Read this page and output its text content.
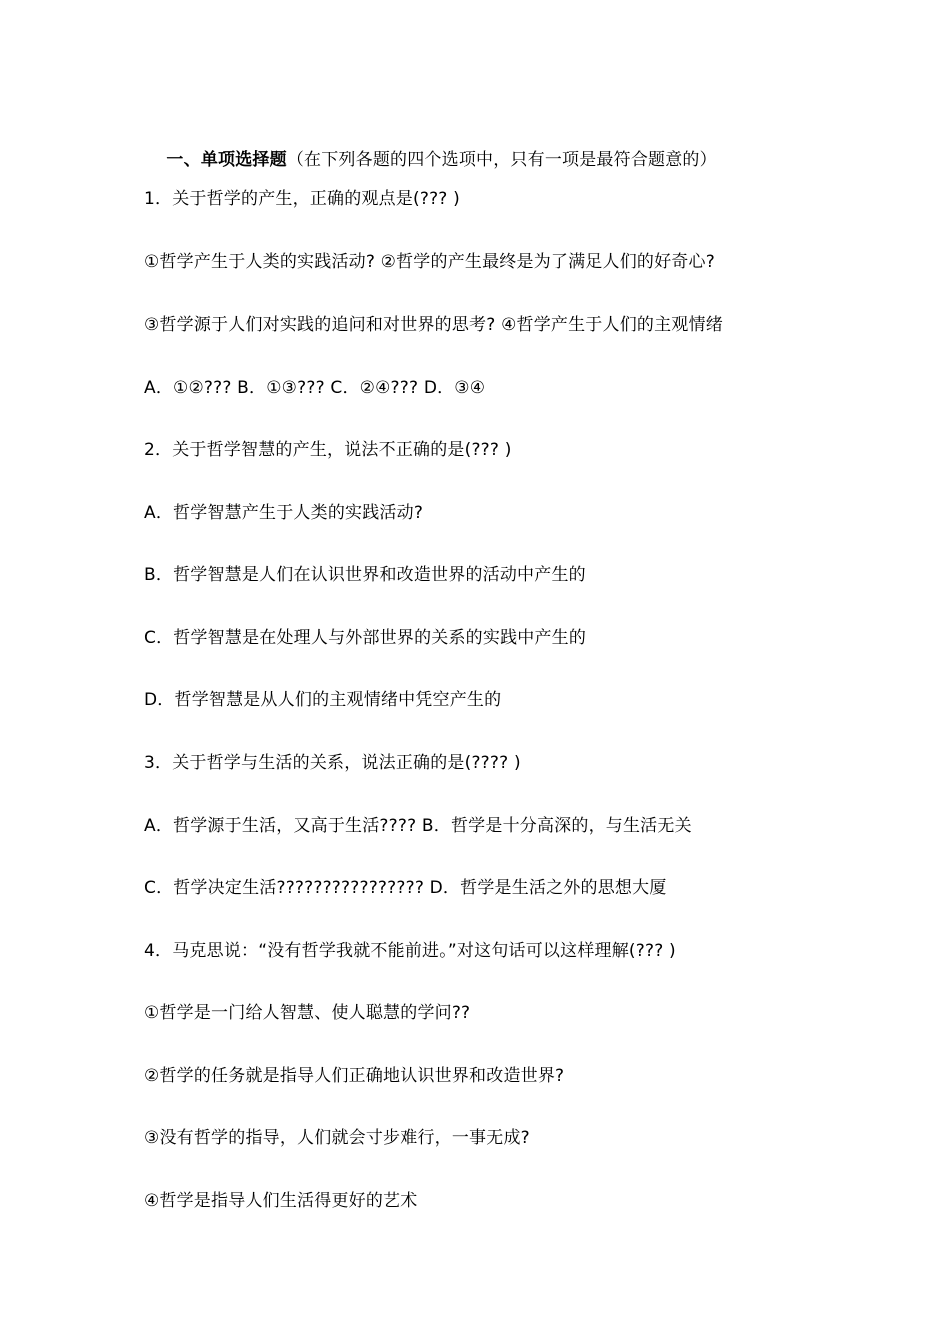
一、单项选择题（在下列各题的四个选项中，只有一项是最符合题意的）

1．关于哲学的产生，正确的观点是(??? )
①哲学产生于人类的实践活动? ②哲学的产生最终是为了满足人们的好奇心?
③哲学源于人们对实践的追问和对世界的思考? ④哲学产生于人们的主观情绪
A．①②??? B．①③??? C．②④??? D．③④
2．关于哲学智慧的产生，说法不正确的是(??? )
A．哲学智慧产生于人类的实践活动?
B．哲学智慧是人们在认识世界和改造世界的活动中产生的
C．哲学智慧是在处理人与外部世界的关系的实践中产生的
D．哲学智慧是从人们的主观情绪中凭空产生的
3．关于哲学与生活的关系，说法正确的是(???? )
A．哲学源于生活，又高于生活???? B．哲学是十分高深的，与生活无关
C．哲学决定生活???????????????? D．哲学是生活之外的思想大厦
4．马克思说：“没有哲学我就不能前进。”对这句话可以这样理解(??? )
①哲学是一门给人智慧、使人聪慧的学问??
②哲学的任务就是指导人们正确地认识世界和改造世界?
③没有哲学的指导，人们就会寸步难行，一事无成?
④哲学是指导人们生活得更好的艺术
